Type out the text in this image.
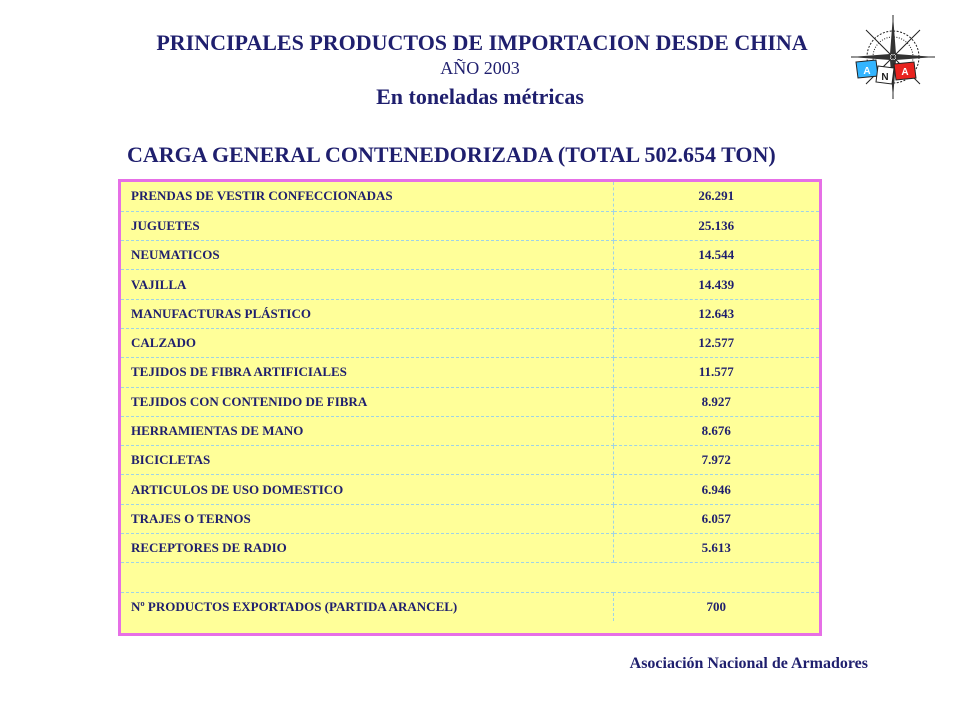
PRINCIPALES PRODUCTOS DE IMPORTACION DESDE CHINA
AÑO 2003
En toneladas métricas
CARGA GENERAL CONTENEDORIZADA (TOTAL 502.654 TON)
A
N A
PRENDAS DE VESTIR CONFECCIONADAS	26.291
JUGUETES	25.136
NEUMATICOS	14.544
VAJILLA	14.439
MANUFACTURAS PLÁSTICO	12.643
CALZADO	12.577
TEJIDOS DE FIBRA ARTIFICIALES	11.577
TEJIDOS CON CONTENIDO DE FIBRA	8.927
HERRAMIENTAS DE MANO	8.676
BICICLETAS	7.972
ARTICULOS DE USO DOMESTICO	6.946
TRAJES O TERNOS	6.057
RECEPTORES DE RADIO	5.613

Nº PRODUCTOS EXPORTADOS (PARTIDA ARANCEL)	700
Asociación Nacional de Armadores
